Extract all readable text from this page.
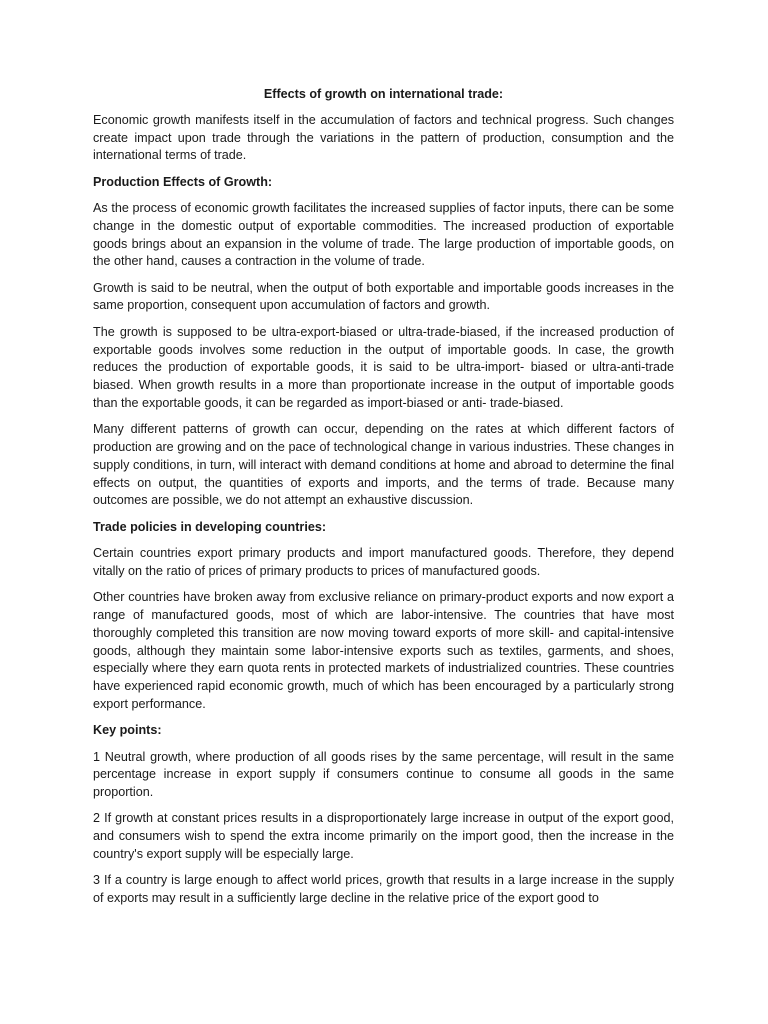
Effects of growth on international trade:
Economic growth manifests itself in the accumulation of factors and technical progress. Such changes create impact upon trade through the variations in the pattern of production, consumption and the international terms of trade.
Production Effects of Growth:
As the process of economic growth facilitates the increased supplies of factor inputs, there can be some change in the domestic output of exportable commodities. The increased production of exportable goods brings about an expansion in the volume of trade. The large production of importable goods, on the other hand, causes a contraction in the volume of trade.
Growth is said to be neutral, when the output of both exportable and importable goods increases in the same proportion, consequent upon accumulation of factors and growth.
The growth is supposed to be ultra-export-biased or ultra-trade-biased, if the increased production of exportable goods involves some reduction in the output of importable goods. In case, the growth reduces the production of exportable goods, it is said to be ultra-import- biased or ultra-anti-trade biased. When growth results in a more than proportionate increase in the output of importable goods than the exportable goods, it can be regarded as import-biased or anti- trade-biased.
Many different patterns of growth can occur, depending on the rates at which different factors of production are growing and on the pace of technological change in various industries. These changes in supply conditions, in turn, will interact with demand conditions at home and abroad to determine the final effects on output, the quantities of exports and imports, and the terms of trade. Because many outcomes are possible, we do not attempt an exhaustive discussion.
Trade policies in developing countries:
Certain countries export primary products and import manufactured goods. Therefore, they depend vitally on the ratio of prices of primary products to prices of manufactured goods.
Other countries have broken away from exclusive reliance on primary-product exports and now export a range of manufactured goods, most of which are labor-intensive. The countries that have most thoroughly completed this transition are now moving toward exports of more skill- and capital-intensive goods, although they maintain some labor-intensive exports such as textiles, garments, and shoes, especially where they earn quota rents in protected markets of industrialized countries. These countries have experienced rapid economic growth, much of which has been encouraged by a particularly strong export performance.
Key points:
1 Neutral growth, where production of all goods rises by the same percentage, will result in the same percentage increase in export supply if consumers continue to consume all goods in the same proportion.
2 If growth at constant prices results in a disproportionately large increase in output of the export good, and consumers wish to spend the extra income primarily on the import good, then the increase in the country's export supply will be especially large.
3 If a country is large enough to affect world prices, growth that results in a large increase in the supply of exports may result in a sufficiently large decline in the relative price of the export good to
